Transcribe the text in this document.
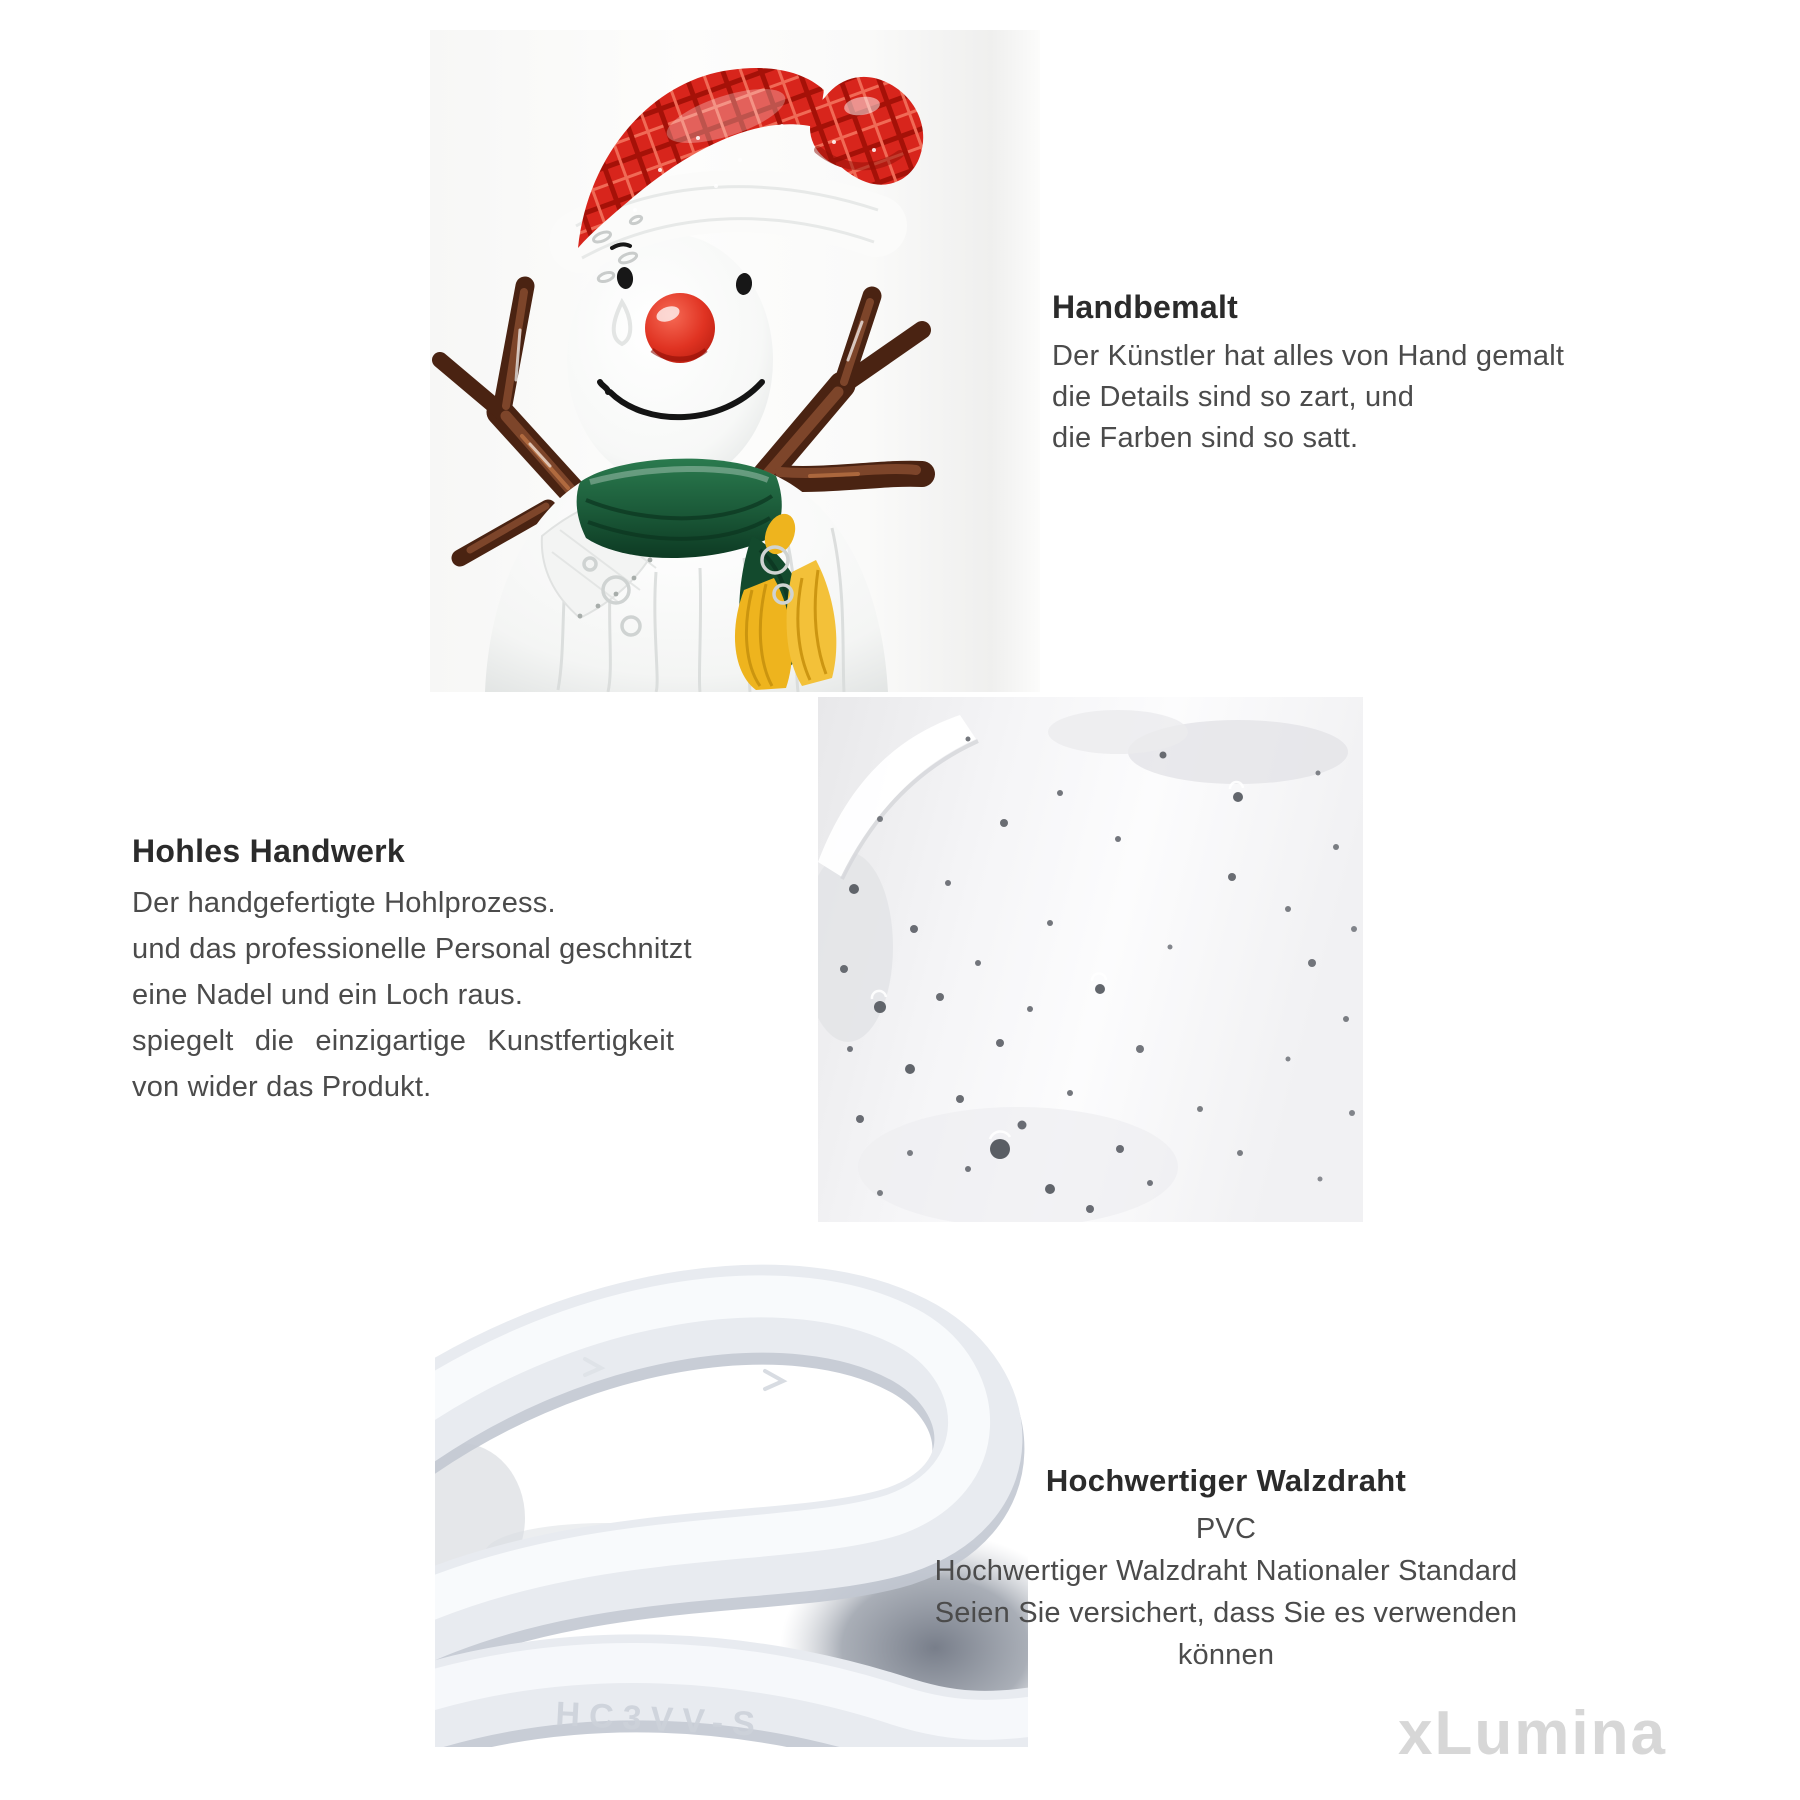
Handbemalt
Der Künstler hat alles von Hand gemalt
die Details sind so zart, und
die Farben sind so satt.
Hohles Handwerk
Der handgefertigte Hohlprozess.
und das professionelle Personal geschnitzt
eine Nadel und ein Loch raus.
spiegelt die einzigartige Kunstfertigkeit
von wider das Produkt.
HC3VV-S
Hochwertiger Walzdraht
PVC
Hochwertiger Walzdraht Nationaler Standard
Seien Sie versichert, dass Sie es verwenden
können
xLumina
